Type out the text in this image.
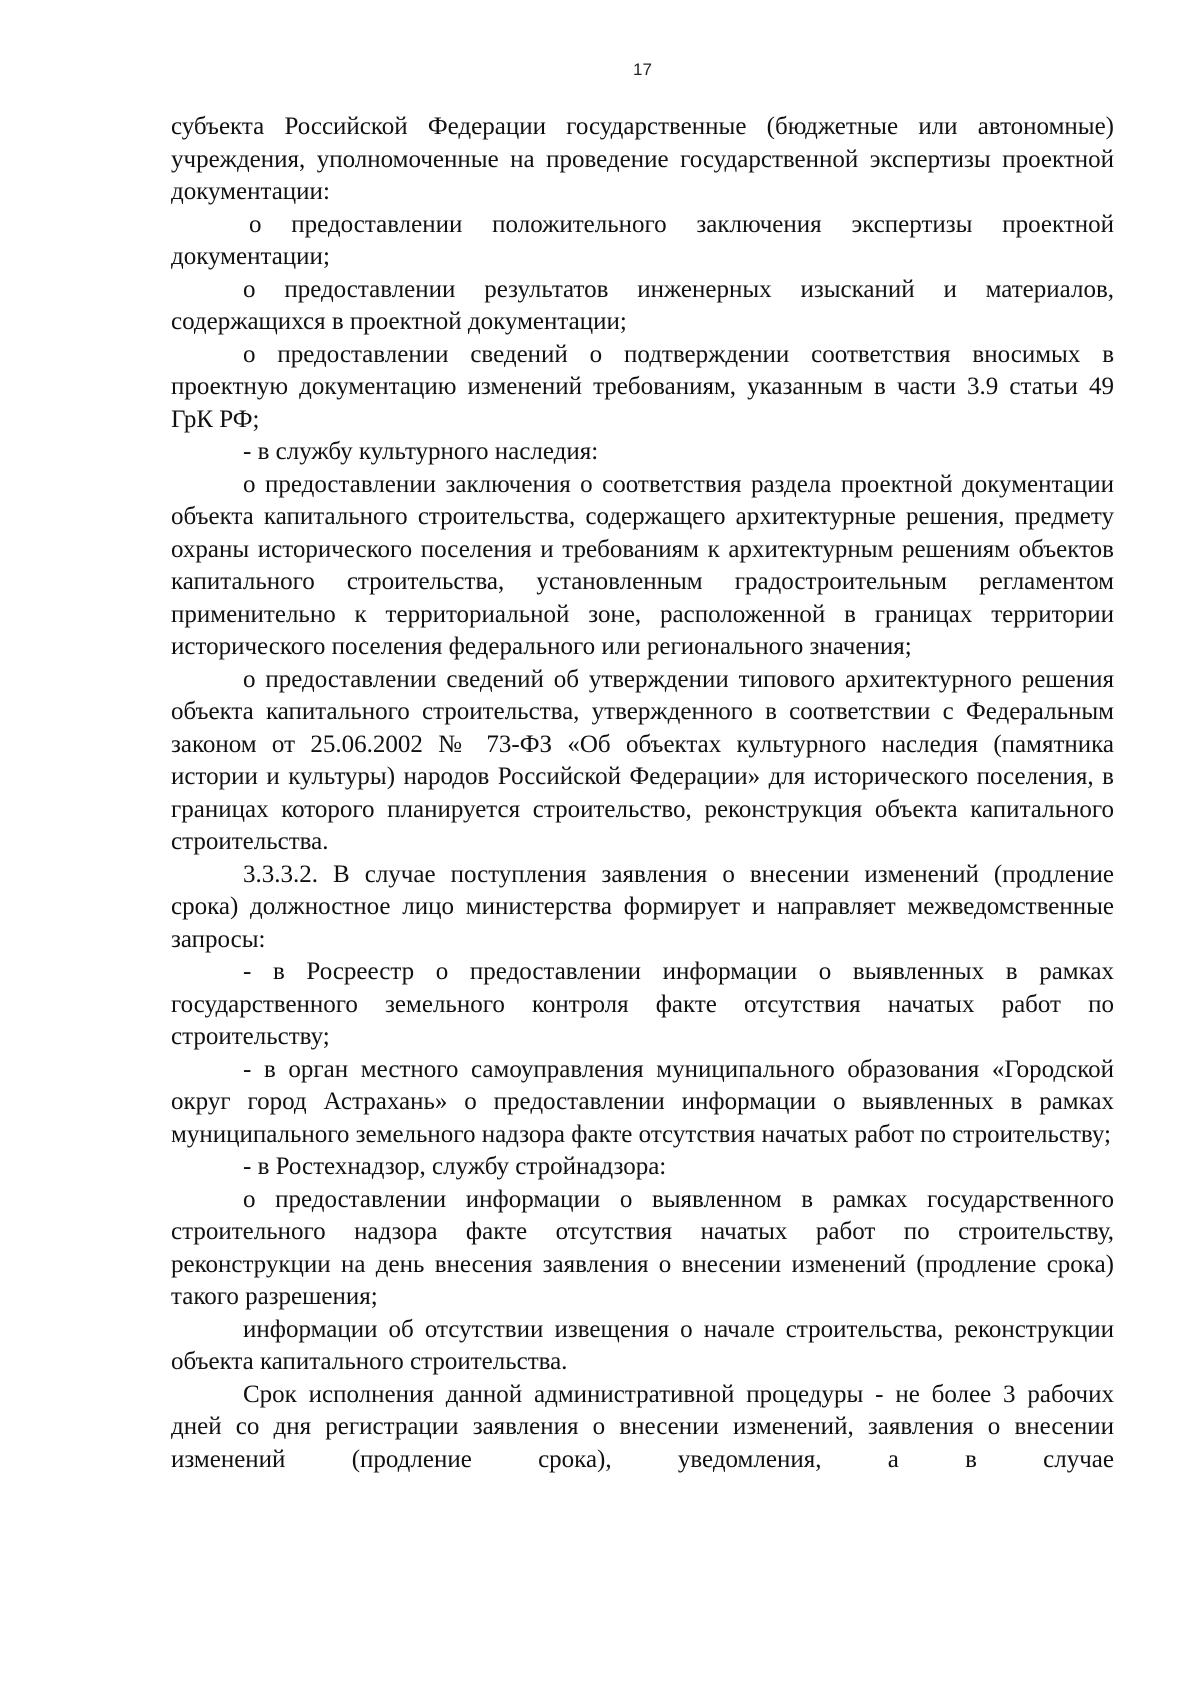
17

субъекта Российской Федерации государственные (бюджетные или автономные) учреждения, уполномоченные на проведение государственной экспертизы проектной документации:

о предоставлении положительного заключения экспертизы проектной документации;

о предоставлении результатов инженерных изысканий и материалов, содержащихся в проектной документации;

о предоставлении сведений о подтверждении соответствия вносимых в проектную документацию изменений требованиям, указанным в части 3.9 статьи 49 ГрК РФ;

- в службу культурного наследия:

о предоставлении заключения о соответствия раздела проектной документации объекта капитального строительства, содержащего архитектурные решения, предмету охраны исторического поселения и требованиям к архитектурным решениям объектов капитального строительства, установленным градостроительным регламентом применительно к территориальной зоне, расположенной в границах территории исторического поселения федерального или регионального значения;

о предоставлении сведений об утверждении типового архитектурного решения объекта капитального строительства, утвержденного в соответствии с Федеральным законом от 25.06.2002 № 73-ФЗ «Об объектах культурного наследия (памятника истории и культуры) народов Российской Федерации» для исторического поселения, в границах которого планируется строительство, реконструкция объекта капитального строительства.

3.3.3.2. В случае поступления заявления о внесении изменений (продление срока) должностное лицо министерства формирует и направляет межведомственные запросы:

- в Росреестр о предоставлении информации о выявленных в рамках государственного земельного контроля факте отсутствия начатых работ по строительству;

- в орган местного самоуправления муниципального образования «Городской округ город Астрахань» о предоставлении информации о выявленных в рамках муниципального земельного надзора факте отсутствия начатых работ по строительству;

- в Ростехнадзор, службу стройнадзора:

о предоставлении информации о выявленном в рамках государственного строительного надзора факте отсутствия начатых работ по строительству, реконструкции на день внесения заявления о внесении изменений (продление срока) такого разрешения;

информации об отсутствии извещения о начале строительства, реконструкции объекта капитального строительства.

Срок исполнения данной административной процедуры - не более 3 рабочих дней со дня регистрации заявления о внесении изменений, заявления о внесении изменений (продление срока), уведомления, а в случае
